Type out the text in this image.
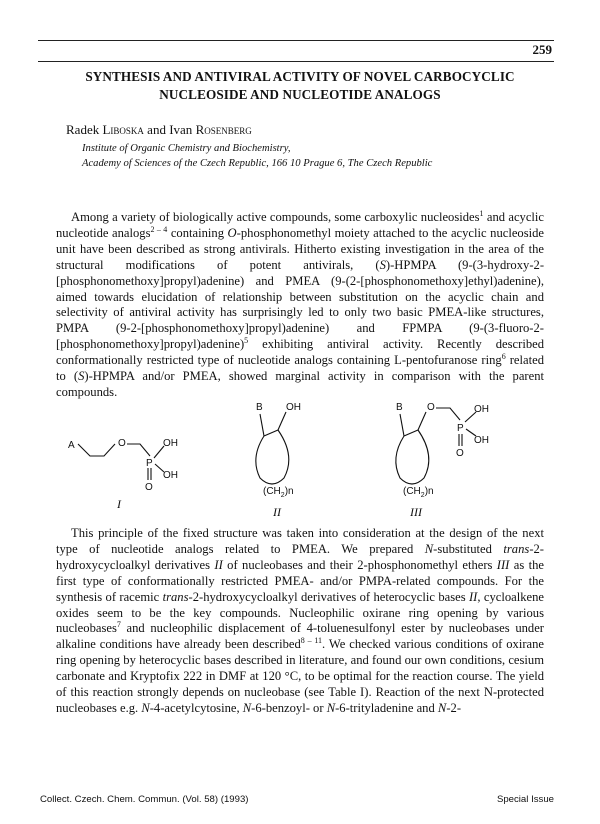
259
SYNTHESIS AND ANTIVIRAL ACTIVITY OF NOVEL CARBOCYCLIC
NUCLEOSIDE AND NUCLEOTIDE ANALOGS
Radek Liboska and Ivan Rosenberg
Institute of Organic Chemistry and Biochemistry,
Academy of Sciences of the Czech Republic, 166 10 Prague 6, The Czech Republic

Among a variety of biologically active compounds, some carboxylic nucleosides$^1$ and acyclic nucleotide analogs$^{2 - 4}$ containing O-phosphonomethyl moiety attached to the acyclic nucleoside unit have been described as strong antivirals. Hitherto existing investigation in the area of the structural modifications of potent antivirals, (S)-HPMPA (9-(3-hydroxy-2-[phosphonomethoxy]propyl)adenine) and PMEA (9-(2-[phosphonomethoxy]ethyl)adenine), aimed towards elucidation of relationship between substitution on the acyclic chain and selectivity of antiviral activity has surprisingly led to only two basic PMEA-like structures, PMPA (9-2-[phosphonomethoxy]propyl)adenine) and FPMPA (9-(3-fluoro-2-[phosphonomethoxy]propyl)adenine)$^5$ exhibiting antiviral activity. Recently described conformationally restricted type of nucleotide analogs containing L-pentofuranose ring$^6$ related to (S)-HPMPA and/or PMEA, showed marginal activity in comparison with the parent compounds.

A	O
P
OH
OH
O
I
B OH
$(CH_2)n$
II
B O
P
OH
OH
O
$(CH_2)n$
III

This principle of the fixed structure was taken into consideration at the design of the next type of nucleotide analogs related to PMEA. We prepared N-substituted trans-2-hydroxycycloalkyl derivatives II of nucleobases and their 2-phosphonomethyl ethers III as the first type of conformationally restricted PMEA- and/or PMPA-related compounds. For the synthesis of racemic trans-2-hydroxycycloalkyl derivatives of heterocyclic bases II, cycloalkene oxides seem to be the key compounds. Nucleophilic oxirane ring opening by various nucleobases$^7$ and nucleophilic displacement of 4-toluenesulfonyl ester by nucleobases under alkaline conditions have already been described$^{8 - 11}$. We checked various conditions of oxirane ring opening by heterocyclic bases described in literature, and found our own conditions, cesium carbonate and Kryptofix 222 in DMF at 120 °C, to be optimal for the reaction course. The yield of this reaction strongly depends on nucleobase (see Table I). Reaction of the next N-protected nucleobases e.g. N-4-acetylcytosine, N-6-benzoyl- or N-6-trityladenine and N-2-

Collect. Czech. Chem. Commun. (Vol. 58) (1993)	Special Issue
